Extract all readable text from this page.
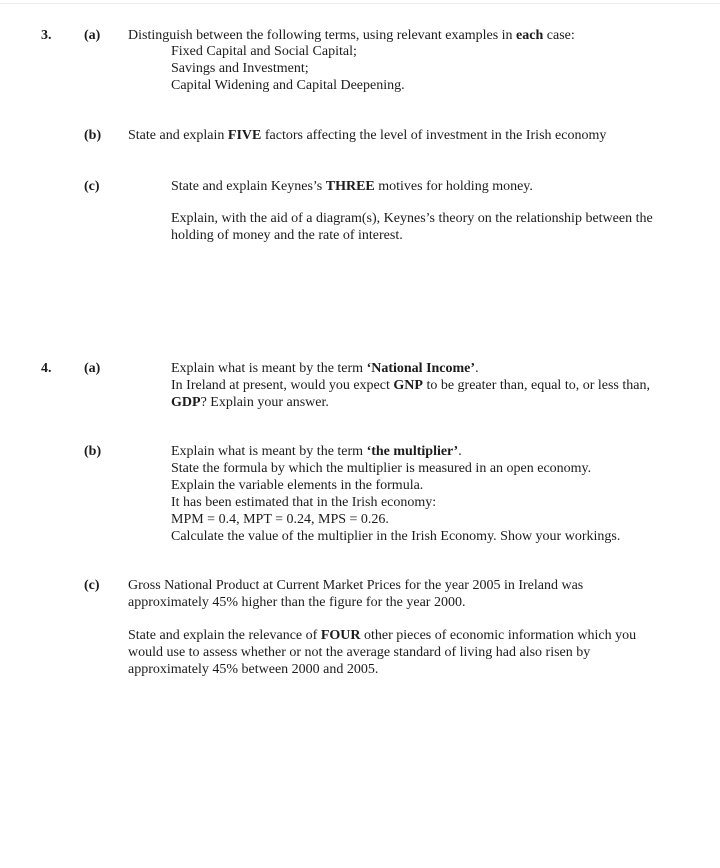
3. (a) Distinguish between the following terms, using relevant examples in each case:
Fixed Capital and Social Capital;
Savings and Investment;
Capital Widening and Capital Deepening.
(b) State and explain FIVE factors affecting the level of investment in the Irish economy
(c)	State and explain Keynes’s THREE motives for holding money.
Explain, with the aid of a diagram(s), Keynes’s theory on the relationship between the
holding of money and the rate of interest.
4. (a)	Explain what is meant by the term ‘National Income’.
In Ireland at present, would you expect GNP to be greater than, equal to, or less than,
GDP? Explain your answer.
(b)	Explain what is meant by the term ‘the multiplier’.
State the formula by which the multiplier is measured in an open economy.
Explain the variable elements in the formula.
It has been estimated that in the Irish economy:
MPM = 0.4, MPT = 0.24, MPS = 0.26.
Calculate the value of the multiplier in the Irish Economy. Show your workings.
(c) Gross National Product at Current Market Prices for the year 2005 in Ireland was
approximately 45% higher than the figure for the year 2000.
State and explain the relevance of FOUR other pieces of economic information which you
would use to assess whether or not the average standard of living had also risen by
approximately 45% between 2000 and 2005.
